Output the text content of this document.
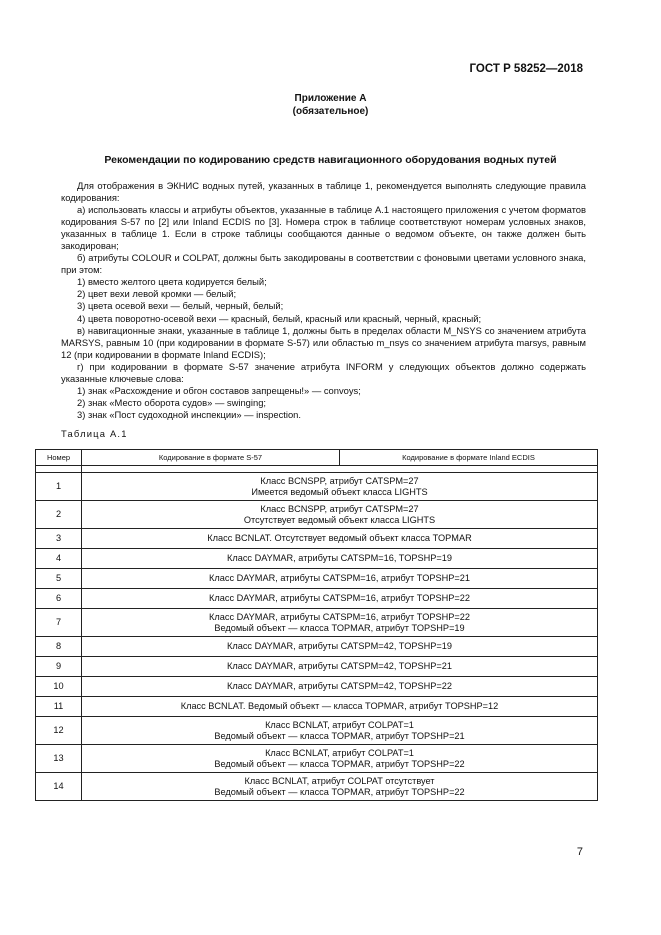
ГОСТ Р 58252—2018
Приложение А
(обязательное)
Рекомендации по кодированию средств навигационного оборудования водных путей

Для отображения в ЭКНИС водных путей, указанных в таблице 1, рекомендуется выполнять следующие правила кодирования:

а) использовать классы и атрибуты объектов, указанные в таблице А.1 настоящего приложения с учетом форматов кодирования S-57 по [2] или Inland ECDIS по [3]. Номера строк в таблице соответствуют номерам условных знаков, указанных в таблице 1. Если в строке таблицы сообщаются данные о ведомом объекте, он также должен быть закодирован;

б) атрибуты COLOUR и COLPAT, должны быть закодированы в соответствии с фоновыми цветами условного знака, при этом:

1) вместо желтого цвета кодируется белый;

2) цвет вехи левой кромки — белый;

3) цвета осевой вехи — белый, черный, белый;

4) цвета поворотно-осевой вехи — красный, белый, красный или красный, черный, красный;

в) навигационные знаки, указанные в таблице 1, должны быть в пределах области M_NSYS со значением атрибута MARSYS, равным 10 (при кодировании в формате S-57) или областью m_nsys со значением атрибута marsys, равным 12 (при кодировании в формате Inland ECDIS);

г) при кодировании в формате S-57 значение атрибута INFORM у следующих объектов должно содержать указанные ключевые слова:

1) знак «Расхождение и обгон составов запрещены!» — convoys;

2) знак «Место оборота судов» — swinging;

3) знак «Пост судоходной инспекции» — inspection.

Таблица А.1
Номер	Кодирование в формате S-57	Кодирование в формате Inland ECDIS

1	Класс BCNSPP, атрибут CATSPM=27
Имеется ведомый объект класса LIGHTS	

2	Класс BCNSPP, атрибут CATSPM=27
Отсутствует ведомый объект класса LIGHTS	

3	Класс BCNLAT. Отсутствует ведомый объект класса TOPMAR	

4	Класс DAYMAR, атрибуты CATSPM=16, TOPSHP=19	

5	Класс DAYMAR, атрибуты CATSPM=16, атрибут TOPSHP=21	

6	Класс DAYMAR, атрибуты CATSPM=16, атрибут TOPSHP=22	

7	Класс DAYMAR, атрибуты CATSPM=16, атрибут TOPSHP=22
Ведомый объект — класса TOPMAR, атрибут TOPSHP=19	

8	Класс DAYMAR, атрибуты CATSPM=42, TOPSHP=19	

9	Класс DAYMAR, атрибуты CATSPM=42, TOPSHP=21	

10	Класс DAYMAR, атрибуты CATSPM=42, TOPSHP=22	

11	Класс BCNLAT. Ведомый объект — класса TOPMAR, атрибут TOPSHP=12	

12	Класс BCNLAT, атрибут COLPAT=1
Ведомый объект — класса TOPMAR, атрибут TOPSHP=21	

13	Класс BCNLAT, атрибут COLPAT=1
Ведомый объект — класса TOPMAR, атрибут TOPSHP=22	

14	Класс BCNLAT, атрибут COLPAT отсутствует
Ведомый объект — класса TOPMAR, атрибут TOPSHP=22	
7
